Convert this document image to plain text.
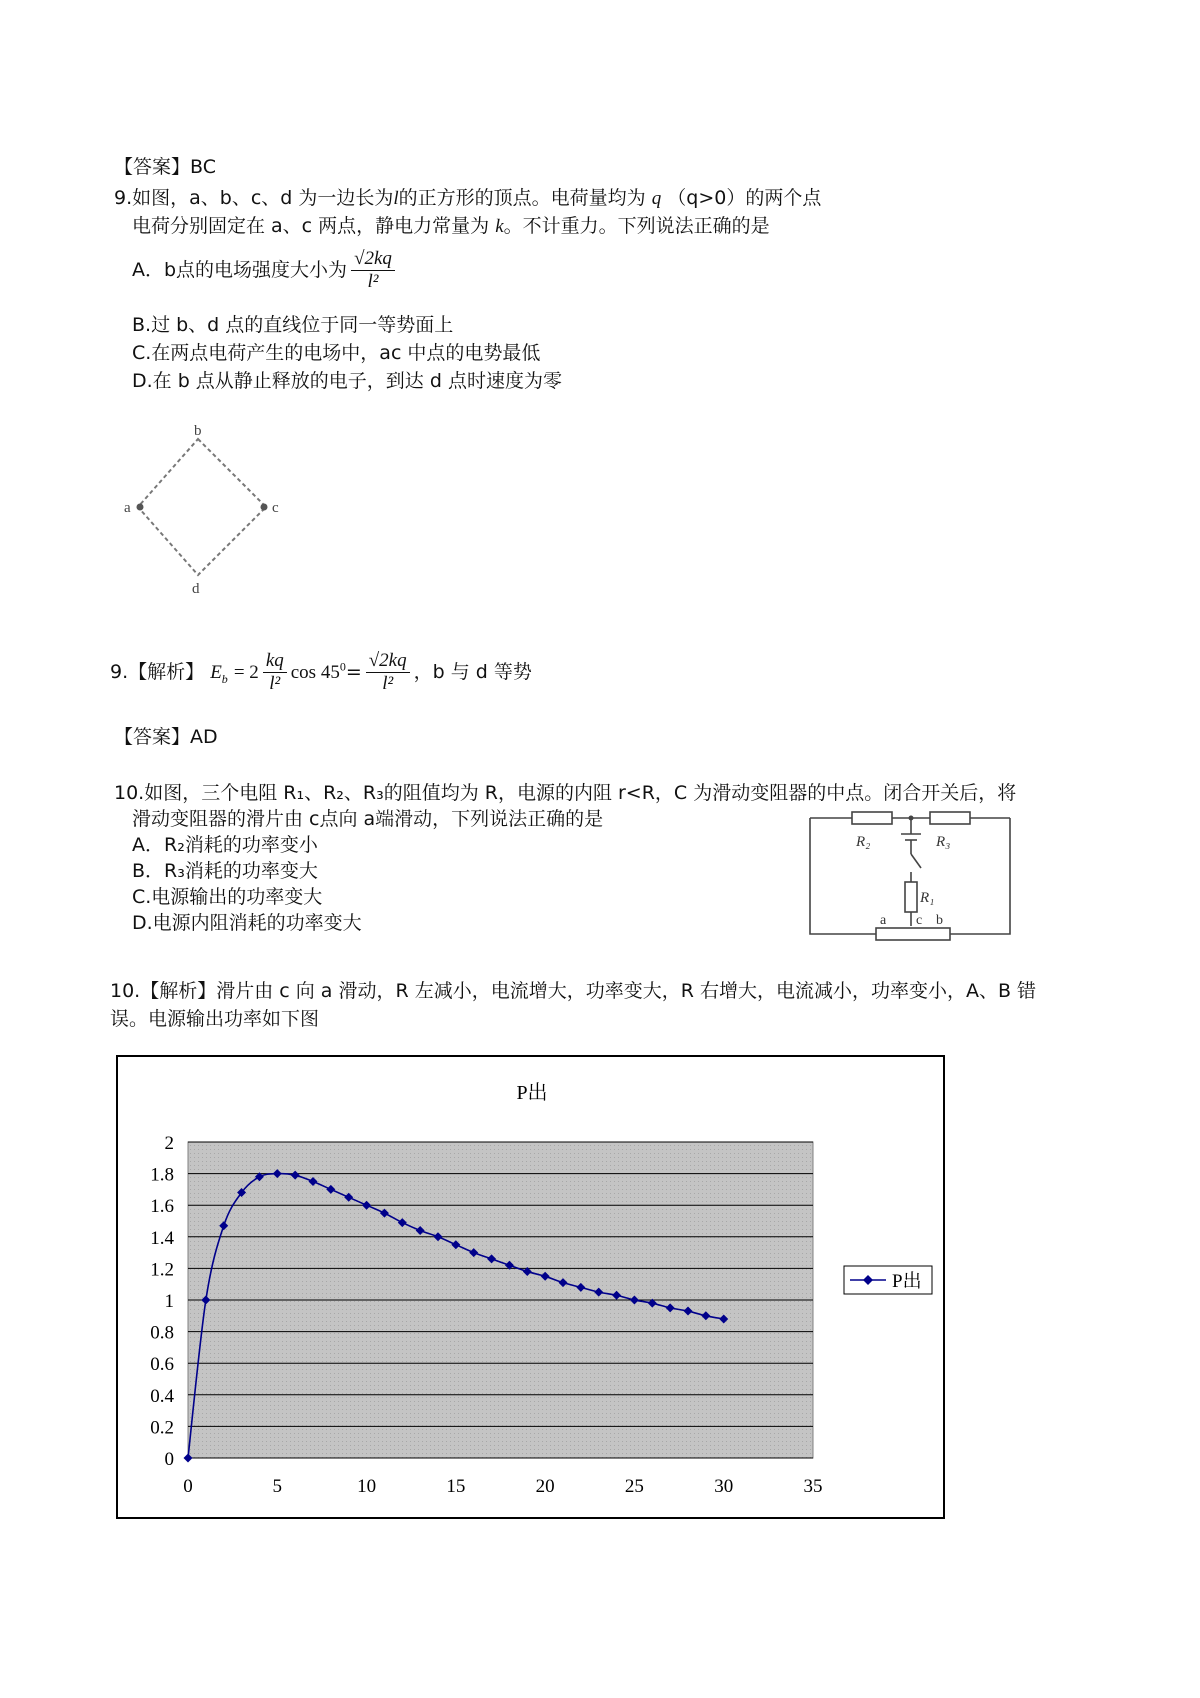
【答案】BC
9.如图，a、b、c、d 为一边长为l的正方形的顶点。电荷量均为 q （q>0）的两个点
电荷分别固定在 a、c 两点，静电力常量为 k。不计重力。下列说法正确的是
A．b点的电场强度大小为 $\frac{√2kq}{\text{l²}}$
B.过 b、d 点的直线位于同一等势面上
C.在两点电荷产生的电场中，ac 中点的电势最低
D.在 b 点从静止释放的电子，到达 d 点时速度为零
b
a	c
d
9.【解析】 $E_b = 2 \frac{kq}{\text{l²}}$ $\cos 45^0= \frac{√2kq}{\text{l²}}$ ，b 与 d 等势
【答案】AD
10.如图，三个电阻 R₁、R₂、R₃的阻值均为 R，电源的内阻 r<R，C 为滑动变阻器的中点。闭合开关后，将
滑动变阻器的滑片由 c点向 a端滑动，下列说法正确的是
A．R₂消耗的功率变小
B．R₃消耗的功率变大
C.电源输出的功率变大
D.电源内阻消耗的功率变大
R₂	R₃
R₁
a c b
10.【解析】滑片由 c 向 a 滑动，R 左减小，电流增大，功率变大，R 右增大，电流减小，功率变小，A、B 错
误。电源输出功率如下图
P出
0
0.2
0.4
0.6
0.8
1
1.2
1.4
1.6
1.8
2
0	5	10	15	20	25	30	35
P出
